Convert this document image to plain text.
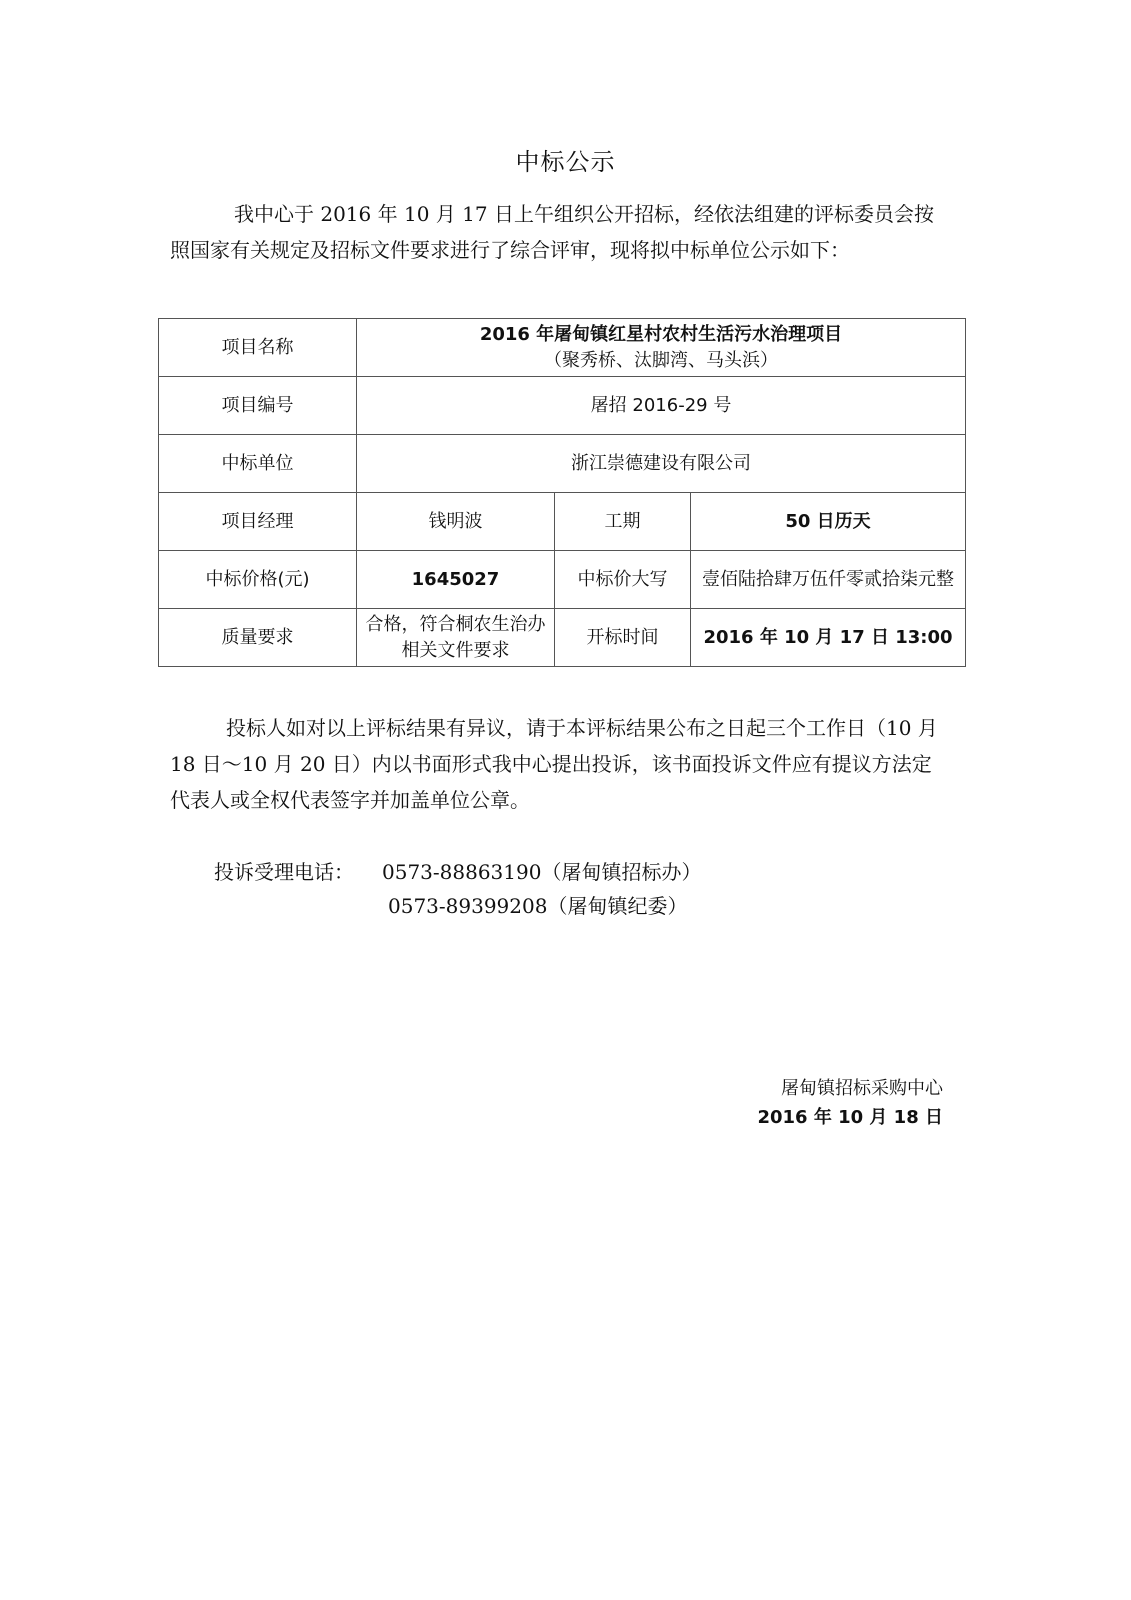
中标公示

我中心于 2016 年 10 月 17 日上午组织公开招标，经依法组建的评标委员会按照国家有关规定及招标文件要求进行了综合评审，现将拟中标单位公示如下：

项目名称	2016 年屠甸镇红星村农村生活污水治理项目
（聚秀桥、汰脚湾、马头浜）		

项目编号	屠招 2016-29 号		
中标单位	浙江崇德建设有限公司		
项目经理	钱明波	工期	50 日历天
中标价格(元)	1645027	中标价大写	壹佰陆拾肆万伍仟零贰拾柒元整
质量要求	合格，符合桐农生治办相关文件要求	开标时间	2016 年 10 月 17 日 13:00

投标人如对以上评标结果有异议，请于本评标结果公布之日起三个工作日（10 月 18 日～10 月 20 日）内以书面形式我中心提出投诉，该书面投诉文件应有提议方法定代表人或全权代表签字并加盖单位公章。

投诉受理电话： 0573-88863190（屠甸镇招标办）
0573-89399208（屠甸镇纪委）
屠甸镇招标采购中心
2016 年 10 月 18 日
